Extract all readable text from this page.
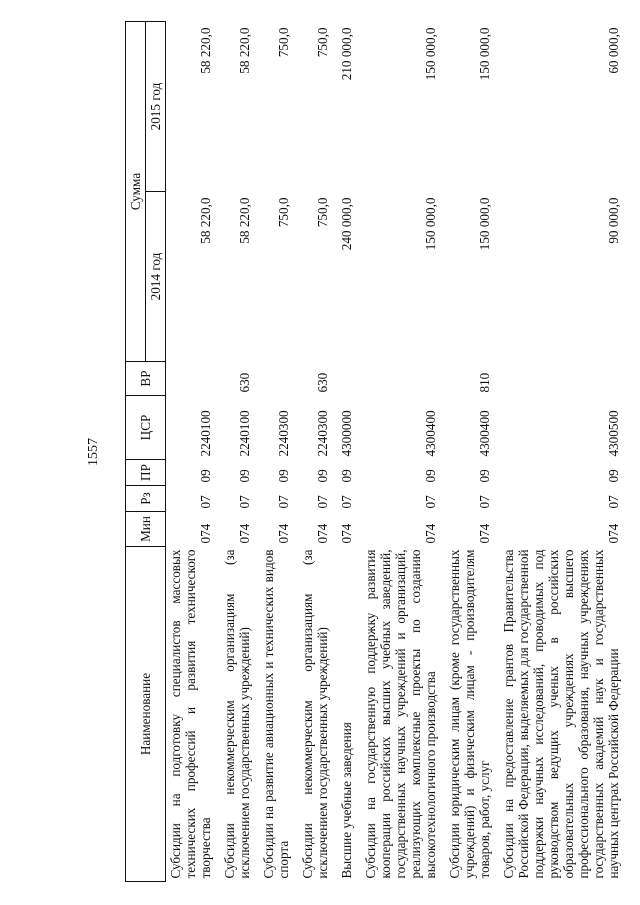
1557
Наименование	Мин	Рз	ПР	ЦСР	ВР	Сумма	
						2014 год	2015 год
Субсидии на подготовку специалистов массовых технических профессий и развития технического творчества	074	07	09	2240100		58 220,0	58 220,0
Субсидии некоммерческим организациям (за исключением государственных учреждений)	074	07	09	2240100	630	58 220,0	58 220,0
Субсидии на развитие авиационных и технических видов спорта	074	07	09	2240300		750,0	750,0
Субсидии некоммерческим организациям (за исключением государственных учреждений)	074	07	09	2240300	630	750,0	750,0
Высшие учебные заведения	074	07	09	4300000		240 000,0	210 000,0
Субсидии на государственную поддержку развития кооперации российских высших учебных заведений, государственных научных учреждений и организаций, реализующих комплексные проекты по созданию высокотехнологичного производства	074	07	09	4300400		150 000,0	150 000,0
Субсидии юридическим лицам (кроме государственных учреждений) и физическим лицам - производителям товаров, работ, услуг	074	07	09	4300400	810	150 000,0	150 000,0
Субсидии на предоставление грантов Правительства Российской Федерации, выделяемых для государственной поддержки научных исследований, проводимых под руководством ведущих ученых в российских образовательных учреждениях высшего профессионального образования, научных учреждениях государственных академий наук и государственных научных центрах Российской Федерации	074	07	09	4300500		90 000,0	60 000,0
